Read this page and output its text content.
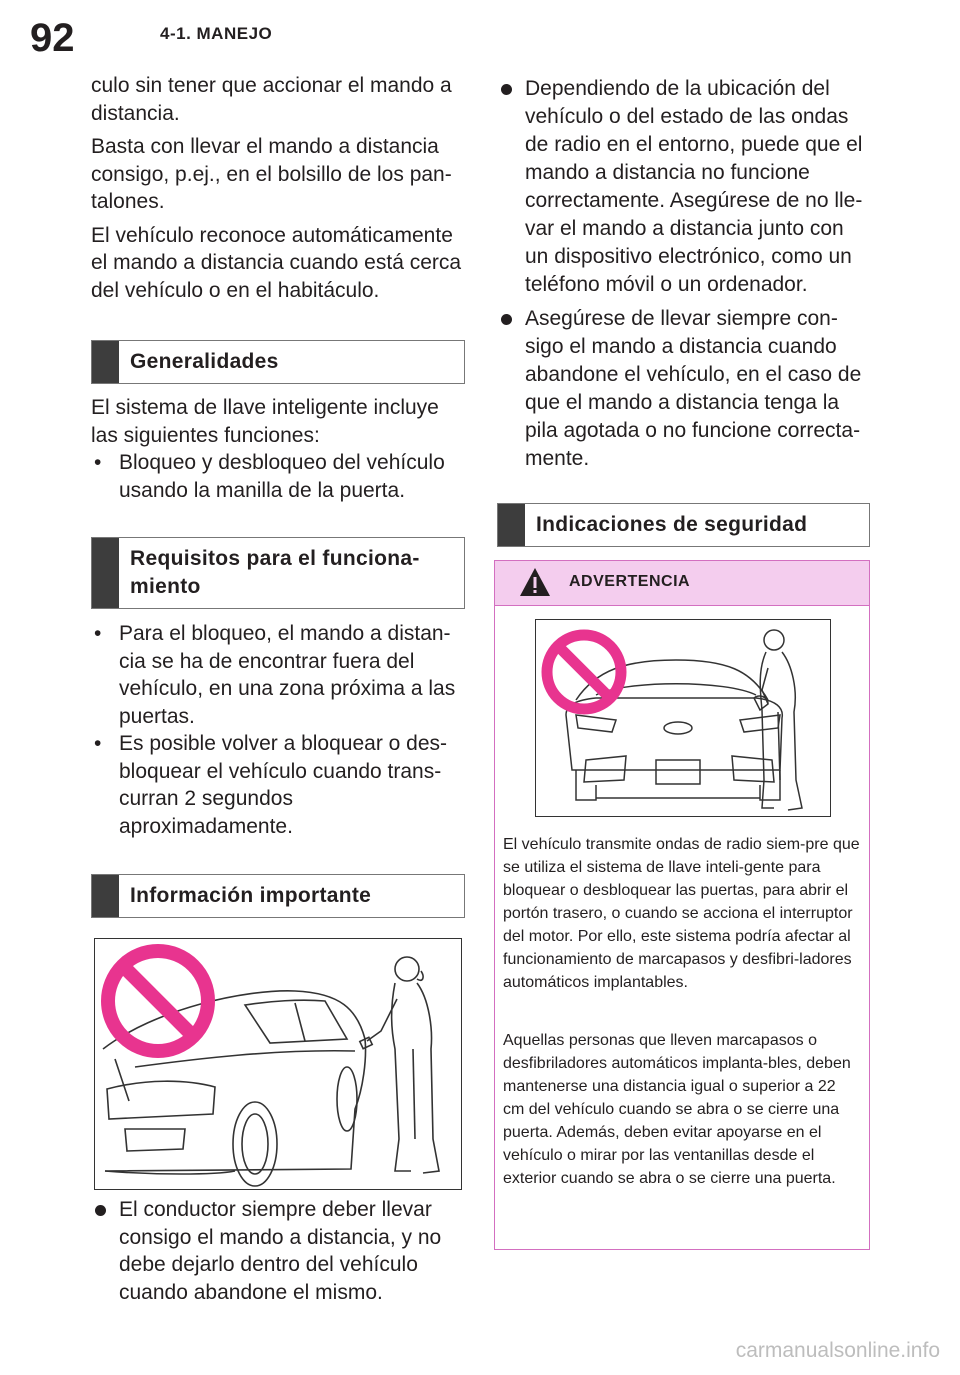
92	4-1. MANEJO

culo sin tener que accionar el mando a distancia.

Basta con llevar el mando a distancia consigo, p.ej., en el bolsillo de los pan-talones.

El vehículo reconoce automáticamente el mando a distancia cuando está cerca del vehículo o en el habitáculo.

Generalidades

El sistema de llave inteligente incluye las siguientes funciones:

• Bloqueo y desbloqueo del vehículo usando la manilla de la puerta.

Requisitos para el funciona-miento

• Para el bloqueo, el mando a distan-cia se ha de encontrar fuera del vehículo, en una zona próxima a las puertas.

• Es posible volver a bloquear o des-bloquear el vehículo cuando trans-curran 2 segundos aproximadamente.

Información importante

El conductor siempre deber llevar consigo el mando a distancia, y no debe dejarlo dentro del vehículo cuando abandone el mismo.

Dependiendo de la ubicación del vehículo o del estado de las ondas de radio en el entorno, puede que el mando a distancia no funcione correctamente. Asegúrese de no lle-var el mando a distancia junto con un dispositivo electrónico, como un teléfono móvil o un ordenador.

Asegúrese de llevar siempre con-sigo el mando a distancia cuando abandone el vehículo, en el caso de que el mando a distancia tenga la pila agotada o no funcione correcta-mente.

Indicaciones de seguridad
ADVERTENCIA

El vehículo transmite ondas de radio siem-pre que se utiliza el sistema de llave inteli-gente para bloquear o desbloquear las puertas, para abrir el portón trasero, o cuando se acciona el interruptor del motor. Por ello, este sistema podría afectar al funcionamiento de marcapasos y desfibri-ladores automáticos implantables.

Aquellas personas que lleven marcapasos o desfibriladores automáticos implanta-bles, deben mantenerse una distancia igual o superior a 22 cm del vehículo cuando se abra o se cierre una puerta. Además, deben evitar apoyarse en el vehículo o mirar por las ventanillas desde el exterior cuando se abra o se cierre una puerta.

carmanualsonline.info
